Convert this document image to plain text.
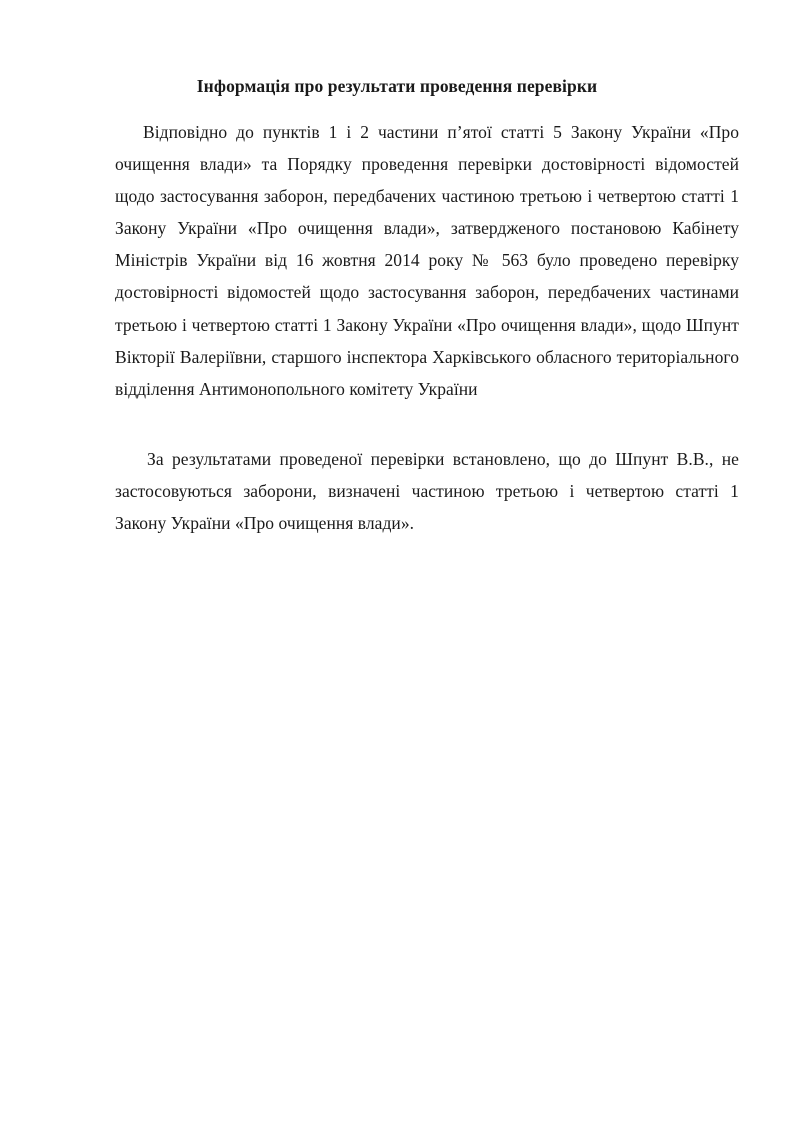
Інформація про результати проведення перевірки

Відповідно до пунктів 1 і 2 частини п’ятої статті 5 Закону України «Про очищення влади» та Порядку проведення перевірки достовірності відомостей щодо застосування заборон, передбачених частиною третьою і четвертою статті 1 Закону України «Про очищення влади», затвердженого постановою Кабінету Міністрів України від 16 жовтня 2014 року № 563 було проведено перевірку достовірності відомостей щодо застосування заборон, передбачених частинами третьою і четвертою статті 1 Закону України «Про очищення влади», щодо Шпунт Вікторії Валеріївни, старшого інспектора Харківського обласного територіального відділення Антимонопольного комітету України

За результатами проведеної перевірки встановлено, що до Шпунт В.В., не застосовуються заборони, визначені частиною третьою і четвертою статті 1 Закону України «Про очищення влади».
